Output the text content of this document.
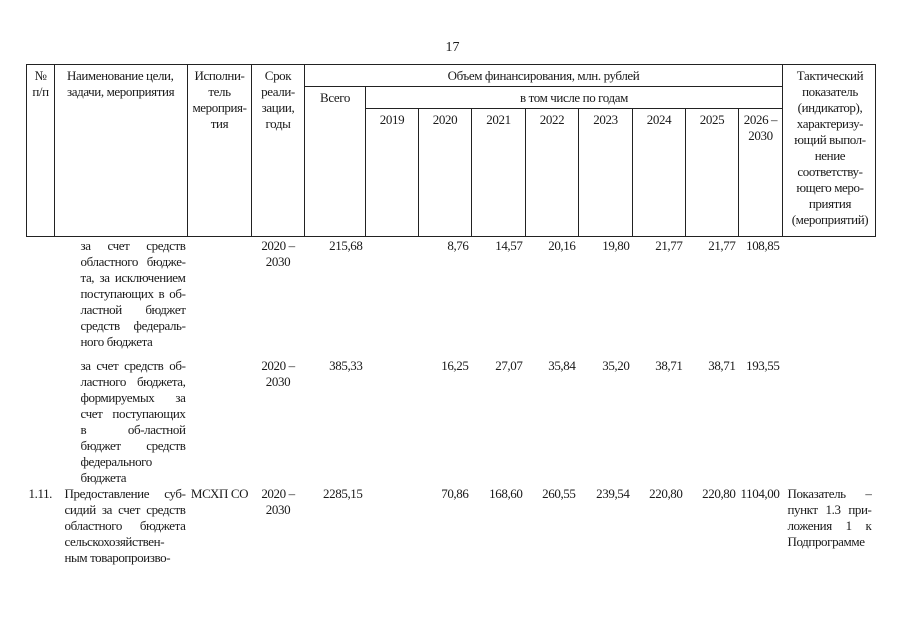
17
№ п/п	Наименование цели, задачи, мероприятия	Исполни-тель мероприя-тия	Срок реали-зации, годы	Объем финансирования, млн. рублей									Тактический показатель (индикатор), характеризу-ющий выпол-нение соответству-ющего меро-приятия (мероприятий)
				Всего	в том числе по годам								
					2019	2020	2021	2022	2023	2024	2025	2026 – 2030	
	за счет средств областного бюдже-та, за исключением поступающих в об-ластной бюджет средств федераль-ного бюджета		2020 – 2030	215,68		8,76	14,57	20,16	19,80	21,77	21,77	108,85	
	за счет средств об-ластного бюджета, формируемых за счет поступающих в об-ластной бюджет средств федерального бюджета		2020 – 2030	385,33		16,25	27,07	35,84	35,20	38,71	38,71	193,55	
1.11.	Предоставление суб-сидий за счет средств областного бюджета сельскохозяйствен-ным товаропроизво-	МСХП СО	2020 – 2030	2285,15		70,86	168,60	260,55	239,54	220,80	220,80	1104,00	Показатель – пункт 1.3 при-ложения 1 к Подпрограмме
